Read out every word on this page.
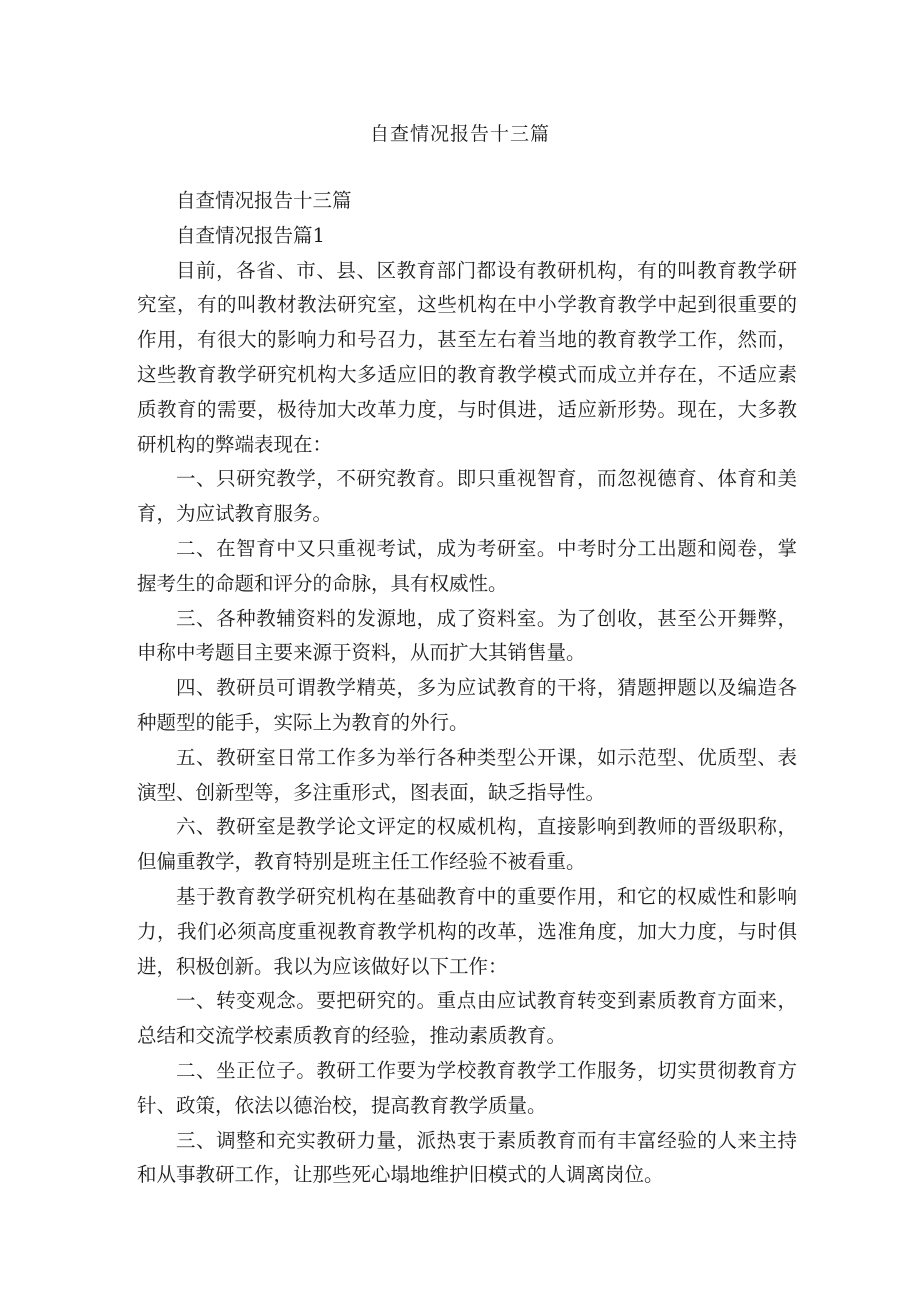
自查情况报告十三篇

自查情况报告十三篇

自查情况报告篇1

目前，各省、市、县、区教育部门都设有教研机构，有的叫教育教学研究室，有的叫教材教法研究室，这些机构在中小学教育教学中起到很重要的作用，有很大的影响力和号召力，甚至左右着当地的教育教学工作，然而，这些教育教学研究机构大多适应旧的教育教学模式而成立并存在，不适应素质教育的需要，极待加大改革力度，与时俱进，适应新形势。现在，大多教研机构的弊端表现在：

一、只研究教学，不研究教育。即只重视智育，而忽视德育、体育和美育，为应试教育服务。

二、在智育中又只重视考试，成为考研室。中考时分工出题和阅卷，掌握考生的命题和评分的命脉，具有权威性。

三、各种教辅资料的发源地，成了资料室。为了创收，甚至公开舞弊，申称中考题目主要来源于资料，从而扩大其销售量。

四、教研员可谓教学精英，多为应试教育的干将，猜题押题以及编造各种题型的能手，实际上为教育的外行。

五、教研室日常工作多为举行各种类型公开课，如示范型、优质型、表演型、创新型等，多注重形式，图表面，缺乏指导性。

六、教研室是教学论文评定的权威机构，直接影响到教师的晋级职称，但偏重教学，教育特别是班主任工作经验不被看重。

基于教育教学研究机构在基础教育中的重要作用，和它的权威性和影响力，我们必须高度重视教育教学机构的改革，选准角度，加大力度，与时俱进，积极创新。我以为应该做好以下工作：

一、转变观念。要把研究的。重点由应试教育转变到素质教育方面来，总结和交流学校素质教育的经验，推动素质教育。

二、坐正位子。教研工作要为学校教育教学工作服务，切实贯彻教育方针、政策，依法以德治校，提高教育教学质量。

三、调整和充实教研力量，派热衷于素质教育而有丰富经验的人来主持和从事教研工作，让那些死心塌地维护旧模式的人调离岗位。
